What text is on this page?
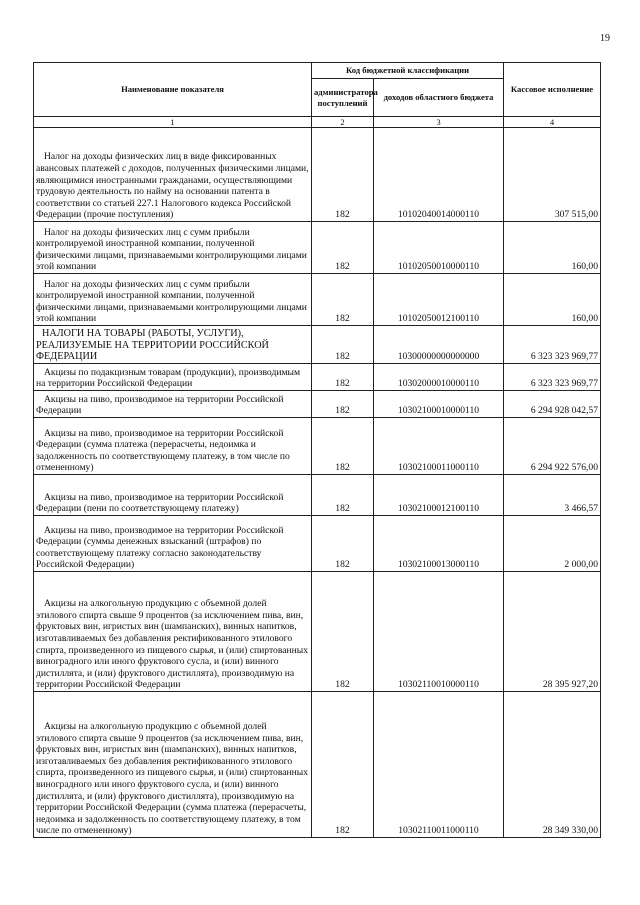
19
Наименование показателя	Код бюджетной классификации		Кассовое исполнение
	администратора поступлений	доходов областного бюджета	
1	2	3	4
Налог на доходы физических лиц в виде фиксированных авансовых платежей с доходов, полученных физическими лицами, являющимися иностранными гражданами, осуществляющими трудовую деятельность по найму на основании патента в соответствии со статьей 227.1 Налогового кодекса Российской Федерации (прочие поступления)	182	10102040014000110	307 515,00
Налог на доходы физических лиц с сумм прибыли контролируемой иностранной компании, полученной физическими лицами, признаваемыми контролирующими лицами этой компании	182	10102050010000110	160,00
Налог на доходы физических лиц с сумм прибыли контролируемой иностранной компании, полученной физическими лицами, признаваемыми контролирующими лицами этой компании	182	10102050012100110	160,00
НАЛОГИ НА ТОВАРЫ (РАБОТЫ, УСЛУГИ), РЕАЛИЗУЕМЫЕ НА ТЕРРИТОРИИ РОССИЙСКОЙ ФЕДЕРАЦИИ	182	10300000000000000	6 323 323 969,77
Акцизы по подакцизным товарам (продукции), производимым на территории Российской Федерации	182	10302000010000110	6 323 323 969,77
Акцизы на пиво, производимое на территории Российской Федерации	182	10302100010000110	6 294 928 042,57
Акцизы на пиво, производимое на территории Российской Федерации (сумма платежа (перерасчеты, недоимка и задолженность по соответствующему платежу, в том числе по отмененному)	182	10302100011000110	6 294 922 576,00
Акцизы на пиво, производимое на территории Российской Федерации (пени по соответствующему платежу)	182	10302100012100110	3 466,57
Акцизы на пиво, производимое на территории Российской Федерации (суммы денежных взысканий (штрафов) по соответствующему платежу согласно законодательству Российской Федерации)	182	10302100013000110	2 000,00
Акцизы на алкогольную продукцию с объемной долей этилового спирта свыше 9 процентов (за исключением пива, вин, фруктовых вин, игристых вин (шампанских), винных напитков, изготавливаемых без добавления ректификованного этилового спирта, произведенного из пищевого сырья, и (или) спиртованных виноградного или иного фруктового сусла, и (или) винного дистиллята, и (или) фруктового дистиллята), производимую на территории Российской Федерации	182	10302110010000110	28 395 927,20
Акцизы на алкогольную продукцию с объемной долей этилового спирта свыше 9 процентов (за исключением пива, вин, фруктовых вин, игристых вин (шампанских), винных напитков, изготавливаемых без добавления ректификованного этилового спирта, произведенного из пищевого сырья, и (или) спиртованных виноградного или иного фруктового сусла, и (или) винного дистиллята, и (или) фруктового дистиллята), производимую на территории Российской Федерации (сумма платежа (перерасчеты, недоимка и задолженность по соответствующему платежу, в том числе по отмененному)	182	10302110011000110	28 349 330,00
